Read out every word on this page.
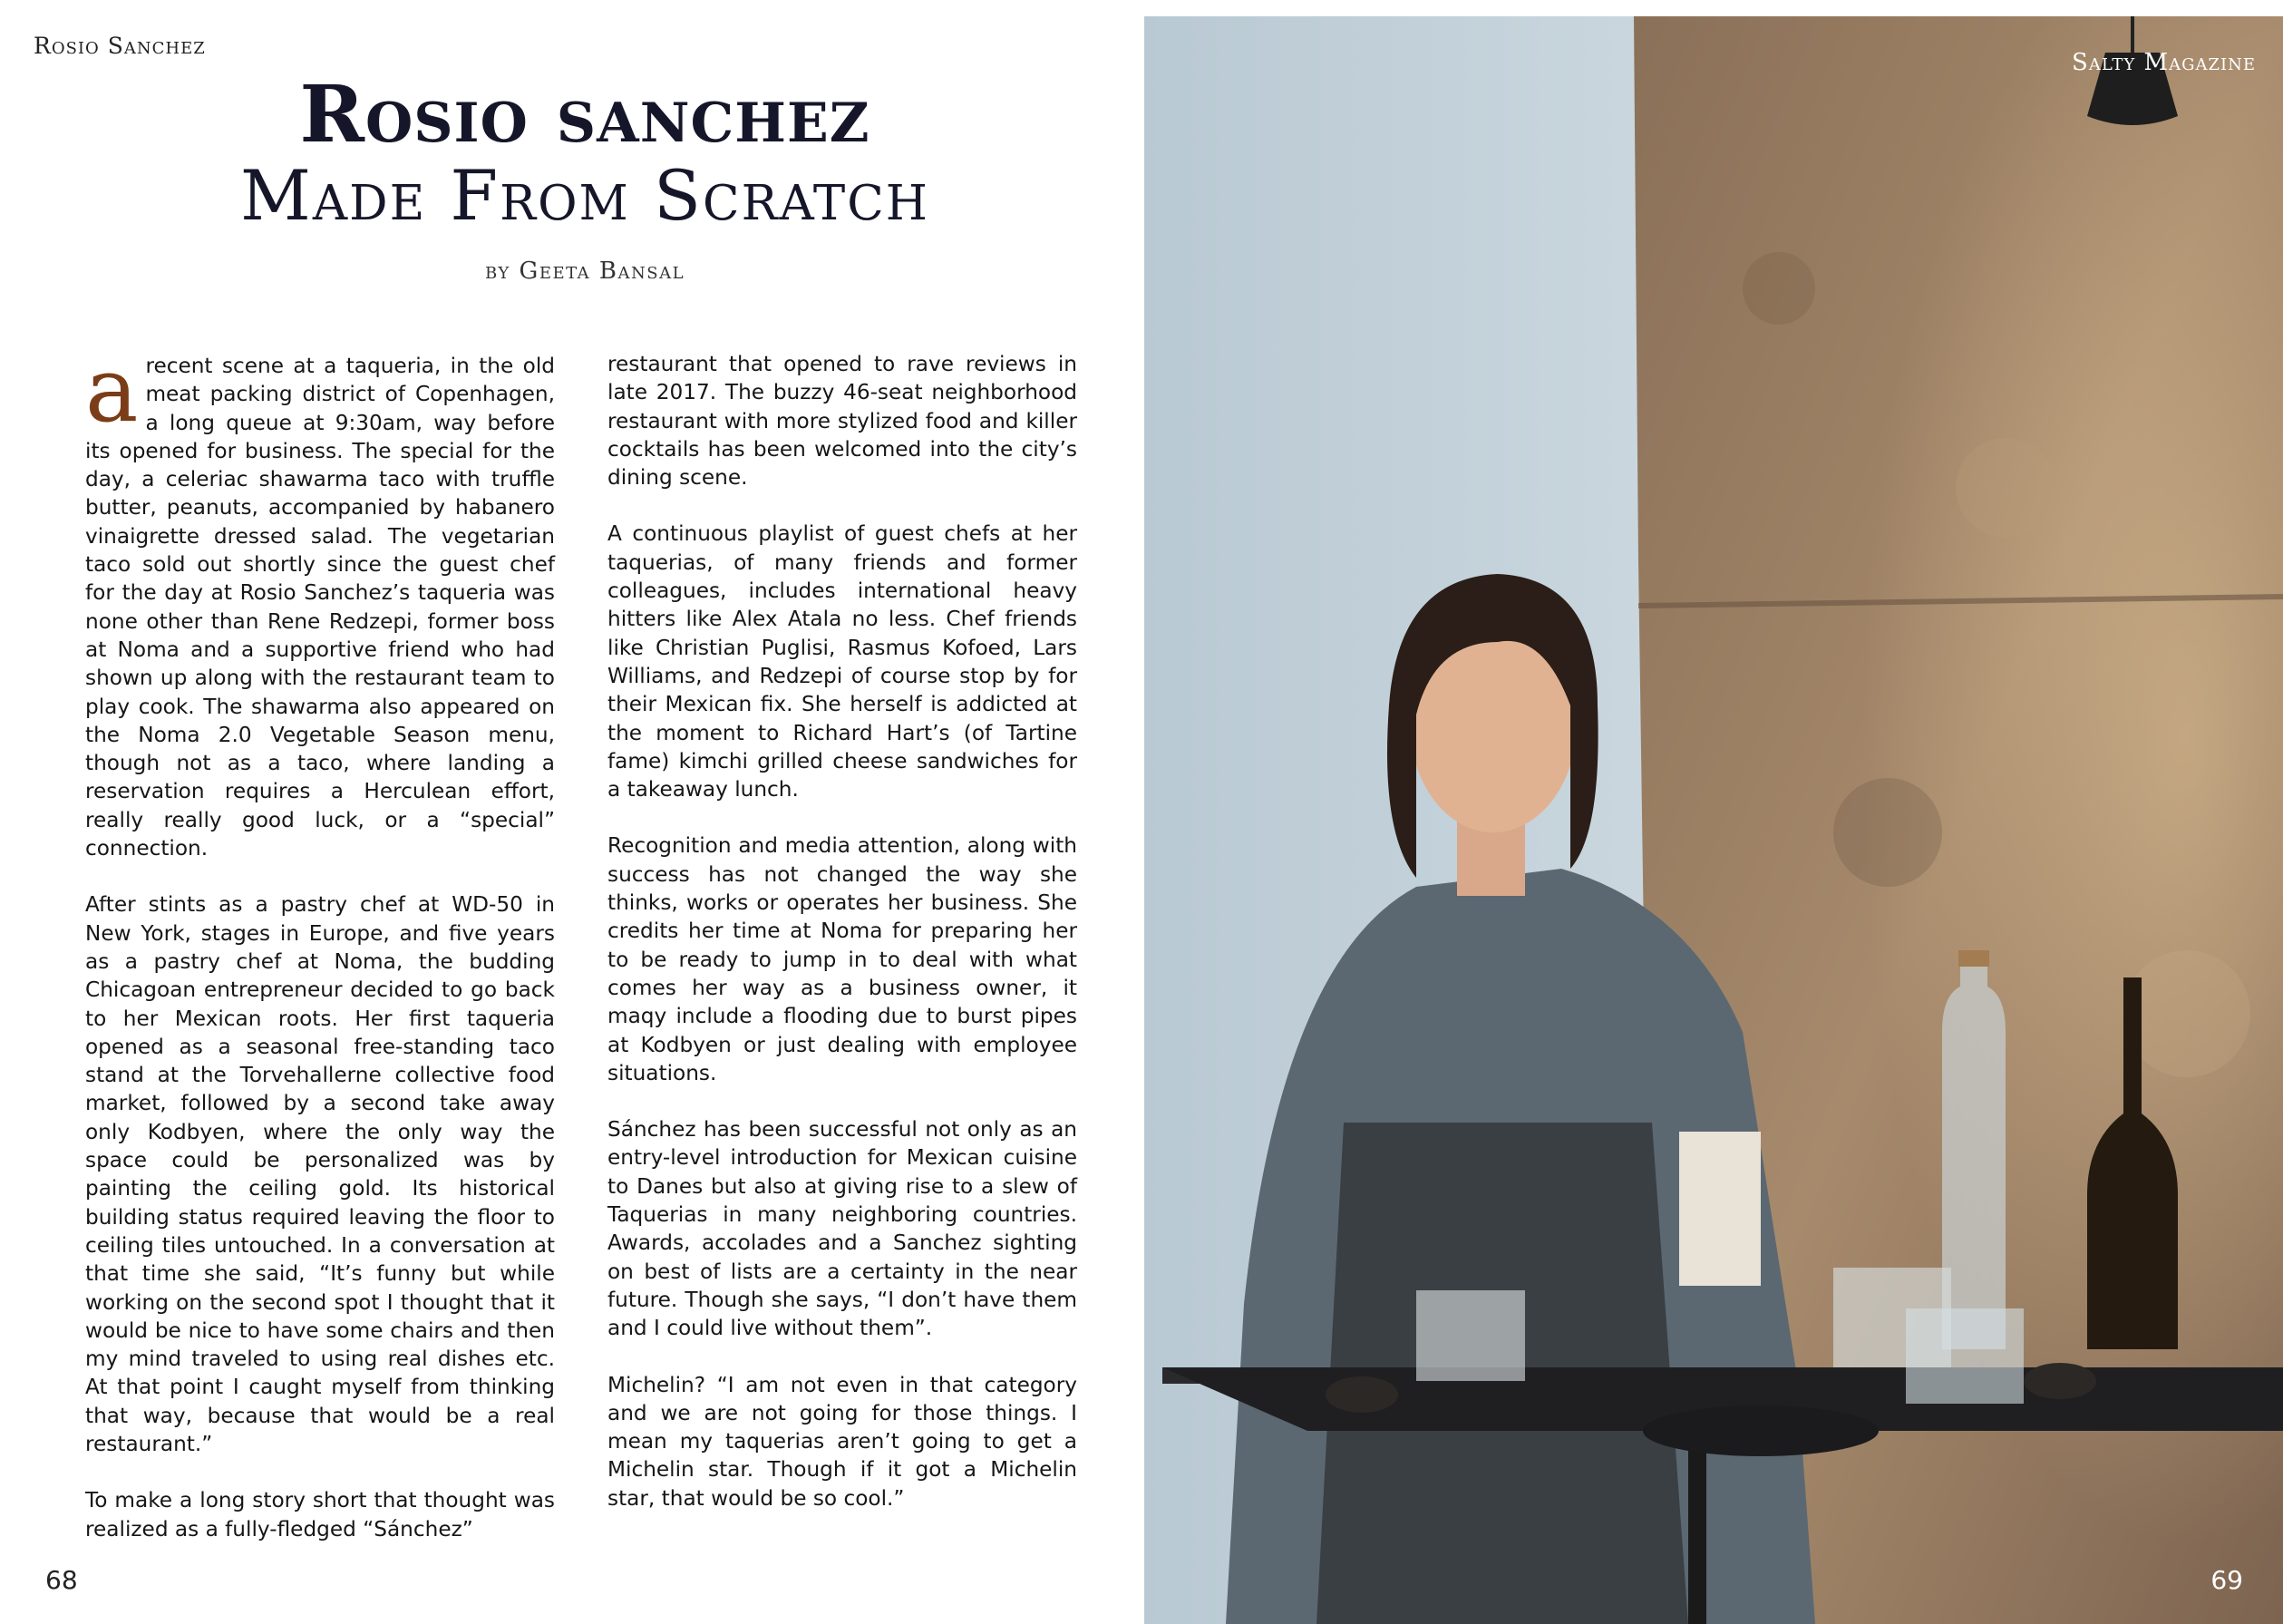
Rosio Sanchez
Rosio sanchez
Made From Scratch
by Geeta Bansal

arecent scene at a taqueria, in the old meat packing district of Copenhagen, a long queue at 9:30am, way before its opened for business. The special for the day, a celeriac shawarma taco with truffle butter, peanuts, accompanied by habanero vinaigrette dressed salad. The vegetarian taco sold out shortly since the guest chef for the day at Rosio Sanchez’s taqueria was none other than Rene Redzepi, former boss at Noma and a supportive friend who had shown up along with the restaurant team to play cook. The shawarma also appeared on the Noma 2.0 Vegetable Season menu, though not as a taco, where landing a reservation requires a Herculean effort, really really good luck, or a “special” connection.

After stints as a pastry chef at WD-50 in New York, stages in Europe, and five years as a pastry chef at Noma, the budding Chicagoan entrepreneur decided to go back to her Mexican roots. Her first taqueria opened as a seasonal free-standing taco stand at the Torvehallerne collective food market, followed by a second take away only Kodbyen, where the only way the space could be personalized was by painting the ceiling gold. Its historical building status required leaving the floor to ceiling tiles untouched. In a conversation at that time she said, “It’s funny but while working on the second spot I thought that it would be nice to have some chairs and then my mind traveled to using real dishes etc. At that point I caught myself from thinking that way, because that would be a real restaurant.”

To make a long story short that thought was realized as a fully-fledged “Sánchez”

restaurant that opened to rave reviews in late 2017. The buzzy 46-seat neighborhood restaurant with more stylized food and killer cocktails has been welcomed into the city’s dining scene.

A continuous playlist of guest chefs at her taquerias, of many friends and former colleagues, includes international heavy hitters like Alex Atala no less. Chef friends like Christian Puglisi, Rasmus Kofoed, Lars Williams, and Redzepi of course stop by for their Mexican fix. She herself is addicted at the moment to Richard Hart’s (of Tartine fame) kimchi grilled cheese sandwiches for a takeaway lunch.

Recognition and media attention, along with success has not changed the way she thinks, works or operates her business. She credits her time at Noma for preparing her to be ready to jump in to deal with what comes her way as a business owner, it maqy include a flooding due to burst pipes at Kodbyen or just dealing with employee situations.

Sánchez has been successful not only as an entry-level introduction for Mexican cuisine to Danes but also at giving rise to a slew of Taquerias in many neighboring countries. Awards, accolades and a Sanchez sighting on best of lists are a certainty in the near future. Though she says, “I don’t have them and I could live without them”.

Michelin? “I am not even in that category and we are not going for those things. I mean my taquerias aren’t going to get a Michelin star. Though if it got a Michelin star, that would be so cool.”

68
Salty Magazine
69
